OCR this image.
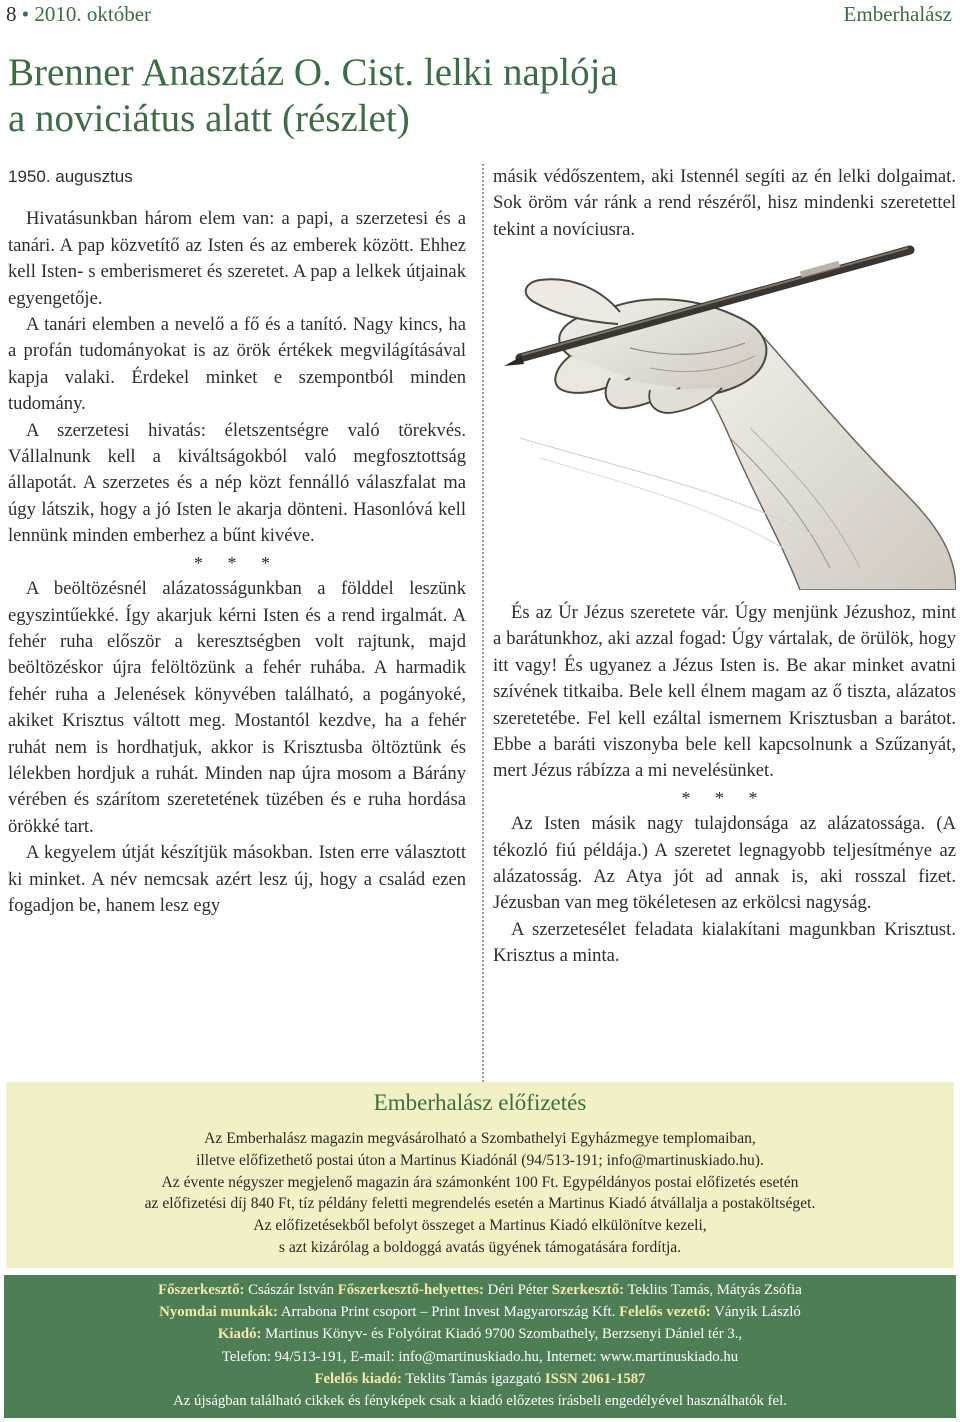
8 • 2010. október	Emberhalász
Brenner Anasztáz O. Cist. lelki naplója
a noviciátus alatt (részlet)

1950. augusztus

Hivatásunkban három elem van: a papi, a szerzetesi és a tanári. A pap közvetítő az Isten és az emberek között. Ehhez kell Isten- s emberismeret és szeretet. A pap a lelkek útjainak egyengetője.

A tanári elemben a nevelő a fő és a tanító. Nagy kincs, ha a profán tudományokat is az örök értékek megvilágításával kapja valaki. Érdekel minket e szempontból minden tudomány.

A szerzetesi hivatás: életszentségre való törekvés. Vállalnunk kell a kiváltságokból való megfosztottság állapotát. A szerzetes és a nép közt fennálló válaszfalat ma úgy látszik, hogy a jó Isten le akarja dönteni. Hasonlóvá kell lennünk minden emberhez a bűnt kivéve.

* * *

A beöltözésnél alázatosságunkban a földdel leszünk egyszintűekké. Így akarjuk kérni Isten és a rend irgalmát. A fehér ruha először a keresztségben volt rajtunk, majd beöltözéskor újra felöltözünk a fehér ruhába. A harmadik fehér ruha a Jelenések könyvében található, a pogányoké, akiket Krisztus váltott meg. Mostantól kezdve, ha a fehér ruhát nem is hordhatjuk, akkor is Krisztusba öltöztünk és lélekben hordjuk a ruhát. Minden nap újra mosom a Bárány vérében és szárítom szeretetének tüzében és e ruha hordása örökké tart.

A kegyelem útját készítjük másokban. Isten erre választott ki minket. A név nemcsak azért lesz új, hogy a család ezen fogadjon be, hanem lesz egy

másik védőszentem, aki Istennél segíti az én lelki dolgaimat. Sok öröm vár ránk a rend részéről, hisz mindenki szeretettel tekint a novíciusra.

És az Úr Jézus szeretete vár. Úgy menjünk Jézushoz, mint a barátunkhoz, aki azzal fogad: Úgy vártalak, de örülök, hogy itt vagy! És ugyanez a Jézus Isten is. Be akar minket avatni szívének titkaiba. Bele kell élnem magam az ő tiszta, alázatos szeretetébe. Fel kell ezáltal ismernem Krisztusban a barátot. Ebbe a baráti viszonyba bele kell kapcsolnunk a Szűzanyát, mert Jézus rábízza a mi nevelésünket.

* * *

Az Isten másik nagy tulajdonsága az alázatossága. (A tékozló fiú példája.) A szeretet legnagyobb teljesítménye az alázatosság. Az Atya jót ad annak is, aki rosszal fizet. Jézusban van meg tökéletesen az erkölcsi nagyság.

A szerzetesélet feladata kialakítani magunkban Krisztust. Krisztus a minta.

Emberhalász előfizetés
Az Emberhalász magazin megvásárolható a Szombathelyi Egyházmegye templomaiban,
illetve előfizethető postai úton a Martinus Kiadónál (94/513-191; info@martinuskiado.hu).
Az évente négyszer megjelenő magazin ára számonként 100 Ft. Egypéldányos postai előfizetés esetén
az előfizetési díj 840 Ft, tíz példány feletti megrendelés esetén a Martinus Kiadó átvállalja a postaköltséget.
Az előfizetésekből befolyt összeget a Martinus Kiadó elkülönítve kezeli,
s azt kizárólag a boldoggá avatás ügyének támogatására fordítja.
Főszerkesztő: Császár István Főszerkesztő-helyettes: Déri Péter Szerkesztő: Teklits Tamás, Mátyás Zsófia
Nyomdai munkák: Arrabona Print csoport – Print Invest Magyarország Kft. Felelős vezető: Ványik László
Kiadó: Martinus Könyv- és Folyóirat Kiadó 9700 Szombathely, Berzsenyi Dániel tér 3.,
Telefon: 94/513-191, E-mail: info@martinuskiado.hu, Internet: www.martinuskiado.hu
Felelős kiadó: Teklits Tamás igazgató ISSN 2061-1587
Az újságban található cikkek és fényképek csak a kiadó előzetes írásbeli engedélyével használhatók fel.
